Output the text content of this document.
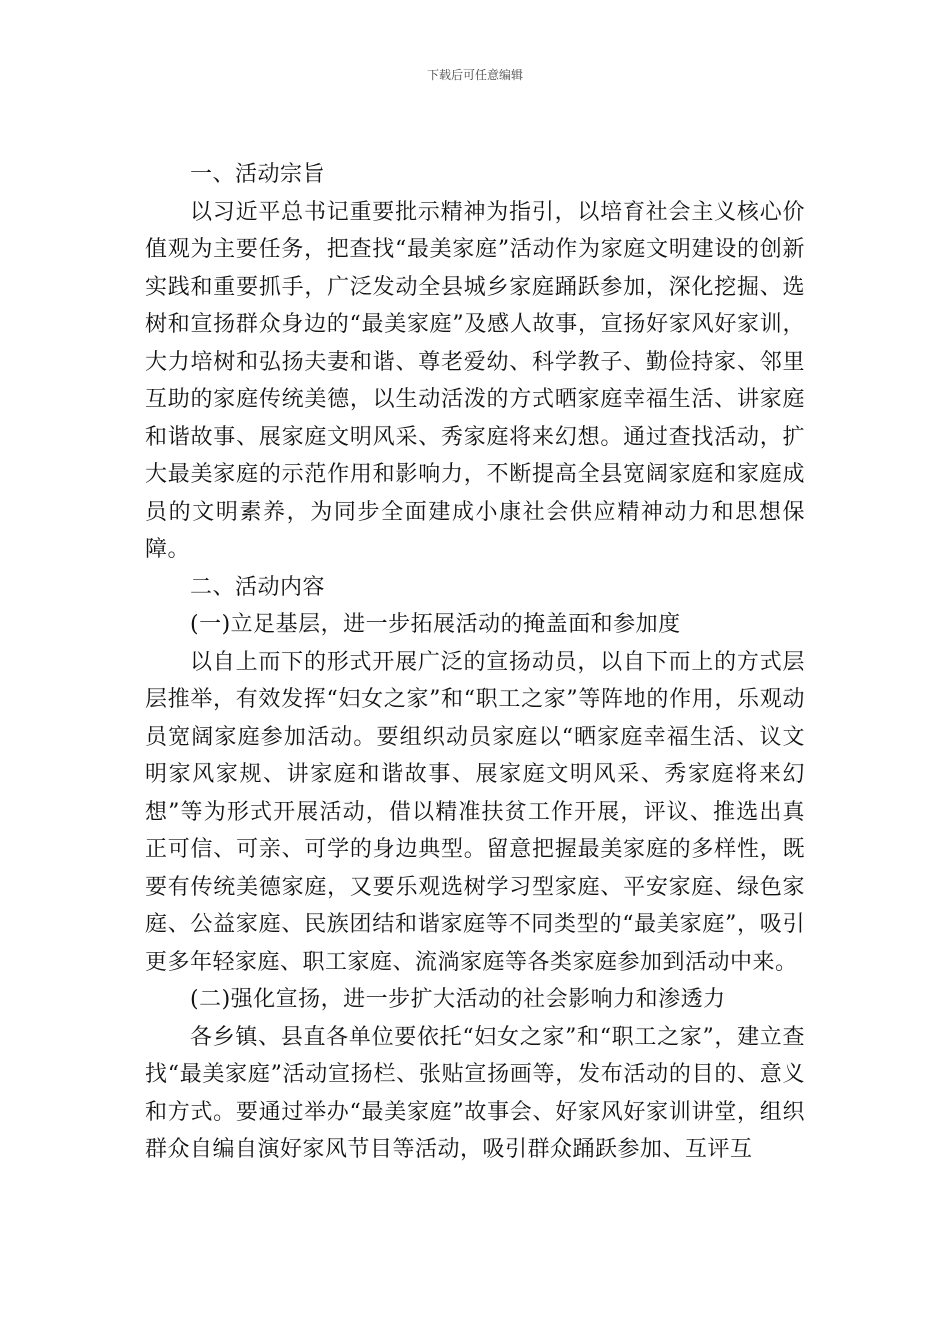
下载后可任意编辑

一、活动宗旨

以习近平总书记重要批示精神为指引，以培育社会主义核心价值观为主要任务，把查找“最美家庭”活动作为家庭文明建设的创新实践和重要抓手，广泛发动全县城乡家庭踊跃参加，深化挖掘、选树和宣扬群众身边的“最美家庭”及感人故事，宣扬好家风好家训，大力培树和弘扬夫妻和谐、尊老爱幼、科学教子、勤俭持家、邻里互助的家庭传统美德，以生动活泼的方式晒家庭幸福生活、讲家庭和谐故事、展家庭文明风采、秀家庭将来幻想。通过查找活动，扩大最美家庭的示范作用和影响力，不断提高全县宽阔家庭和家庭成员的文明素养，为同步全面建成小康社会供应精神动力和思想保障。

二、活动内容

(一)立足基层，进一步拓展活动的掩盖面和参加度

以自上而下的形式开展广泛的宣扬动员，以自下而上的方式层层推举，有效发挥“妇女之家”和“职工之家”等阵地的作用，乐观动员宽阔家庭参加活动。要组织动员家庭以“晒家庭幸福生活、议文明家风家规、讲家庭和谐故事、展家庭文明风采、秀家庭将来幻想”等为形式开展活动，借以精准扶贫工作开展，评议、推选出真正可信、可亲、可学的身边典型。留意把握最美家庭的多样性，既要有传统美德家庭，又要乐观选树学习型家庭、平安家庭、绿色家庭、公益家庭、民族团结和谐家庭等不同类型的“最美家庭”，吸引更多年轻家庭、职工家庭、流淌家庭等各类家庭参加到活动中来。

(二)强化宣扬，进一步扩大活动的社会影响力和渗透力

各乡镇、县直各单位要依托“妇女之家”和“职工之家”，建立查找“最美家庭”活动宣扬栏、张贴宣扬画等，发布活动的目的、意义和方式。要通过举办“最美家庭”故事会、好家风好家训讲堂，组织群众自编自演好家风节目等活动，吸引群众踊跃参加、互评互
